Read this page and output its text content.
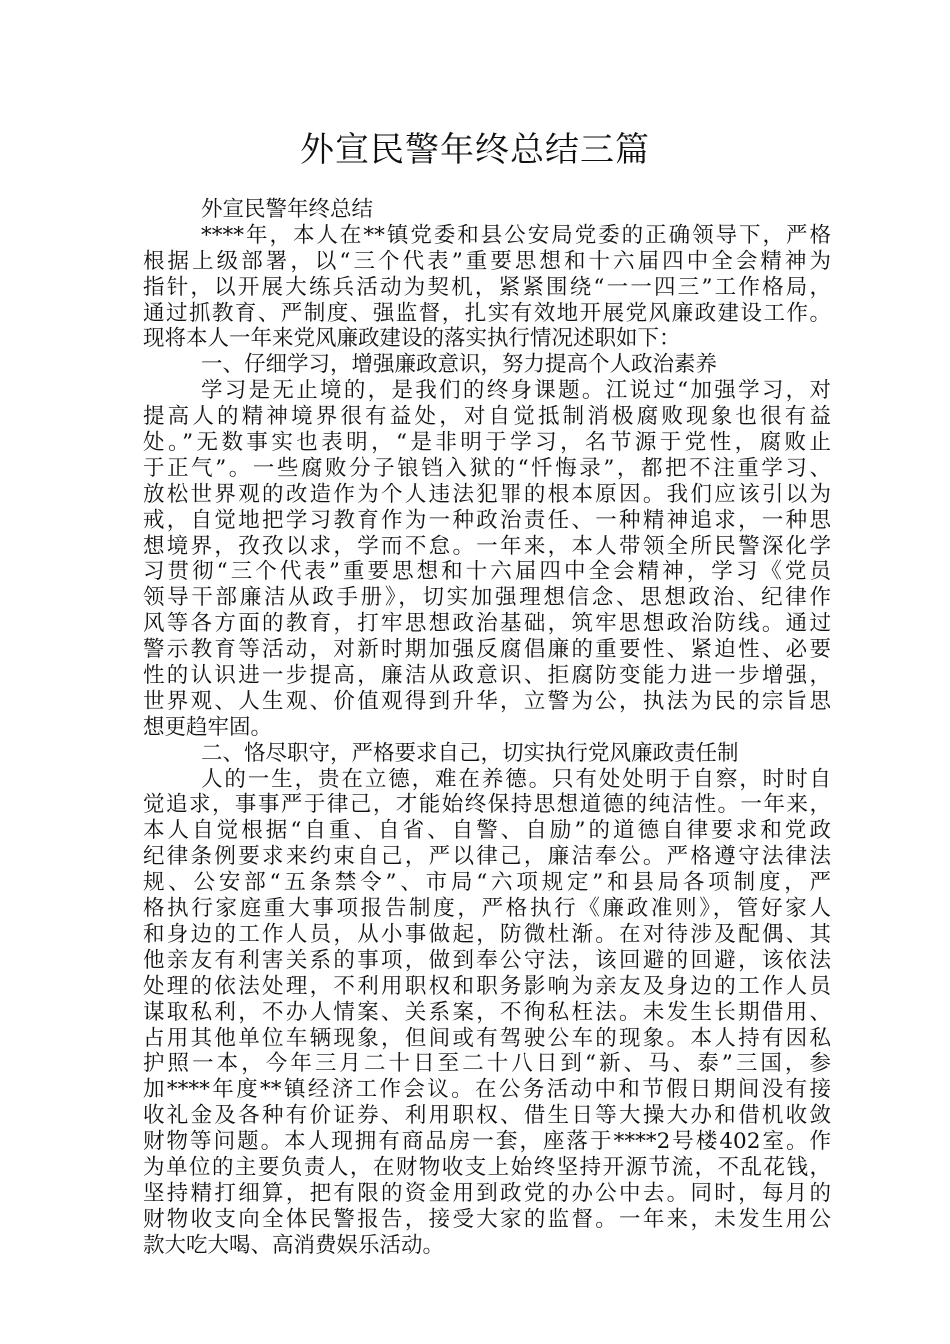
外宣民警年终总结三篇
外宣民警年终总结
****年，本人在**镇党委和县公安局党委的正确领导下，严格
根据上级部署，以“三个代表”重要思想和十六届四中全会精神为
指针，以开展大练兵活动为契机，紧紧围绕“一一四三”工作格局，
通过抓教育、严制度、强监督，扎实有效地开展党风廉政建设工作。
现将本人一年来党风廉政建设的落实执行情况述职如下：
一、仔细学习，增强廉政意识，努力提高个人政治素养
学习是无止境的，是我们的终身课题。江说过“加强学习，对
提高人的精神境界很有益处，对自觉抵制消极腐败现象也很有益
处。”无数事实也表明，“是非明于学习，名节源于党性，腐败止
于正气”。一些腐败分子锒铛入狱的“忏悔录”，都把不注重学习、
放松世界观的改造作为个人违法犯罪的根本原因。我们应该引以为
戒，自觉地把学习教育作为一种政治责任、一种精神追求，一种思
想境界，孜孜以求，学而不怠。一年来，本人带领全所民警深化学
习贯彻“三个代表”重要思想和十六届四中全会精神，学习《党员
领导干部廉洁从政手册》，切实加强理想信念、思想政治、纪律作
风等各方面的教育，打牢思想政治基础，筑牢思想政治防线。通过
警示教育等活动，对新时期加强反腐倡廉的重要性、紧迫性、必要
性的认识进一步提高，廉洁从政意识、拒腐防变能力进一步增强，
世界观、人生观、价值观得到升华，立警为公，执法为民的宗旨思
想更趋牢固。
二、恪尽职守，严格要求自己，切实执行党风廉政责任制
人的一生，贵在立德，难在养德。只有处处明于自察，时时自
觉追求，事事严于律己，才能始终保持思想道德的纯洁性。一年来，
本人自觉根据“自重、自省、自警、自励”的道德自律要求和党政
纪律条例要求来约束自己，严以律己，廉洁奉公。严格遵守法律法
规、公安部“五条禁令”、市局“六项规定”和县局各项制度，严
格执行家庭重大事项报告制度，严格执行《廉政准则》，管好家人
和身边的工作人员，从小事做起，防微杜渐。在对待涉及配偶、其
他亲友有利害关系的事项，做到奉公守法，该回避的回避，该依法
处理的依法处理，不利用职权和职务影响为亲友及身边的工作人员
谋取私利，不办人情案、关系案，不徇私枉法。未发生长期借用、
占用其他单位车辆现象，但间或有驾驶公车的现象。本人持有因私
护照一本，今年三月二十日至二十八日到“新、马、泰”三国，参
加****年度**镇经济工作会议。在公务活动中和节假日期间没有接
收礼金及各种有价证券、利用职权、借生日等大操大办和借机收敛
财物等问题。本人现拥有商品房一套，座落于****2号楼402室。作
为单位的主要负责人，在财物收支上始终坚持开源节流，不乱花钱，
坚持精打细算，把有限的资金用到政党的办公中去。同时，每月的
财物收支向全体民警报告，接受大家的监督。一年来，未发生用公
款大吃大喝、高消费娱乐活动。
